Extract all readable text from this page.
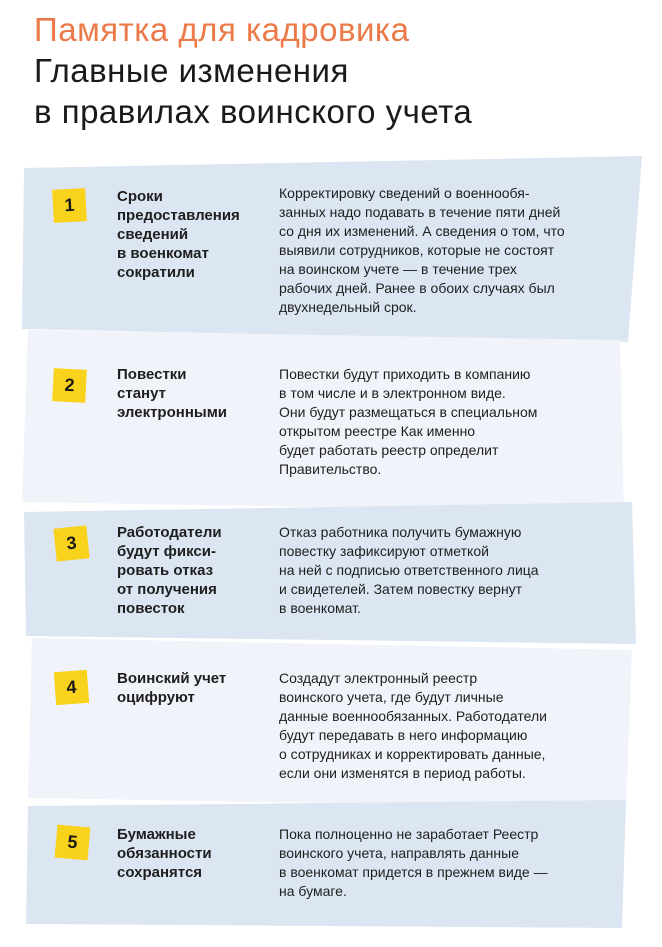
Памятка для кадровика
Главные изменения
в правилах воинского учета
1	Сроки
предоставления
сведений
в военкомат
сократили
Корректировку сведений о военнообя-
занных надо подавать в течение пяти дней
со дня их изменений. А сведения о том, что
выявили сотрудников, которые не состоят
на воинском учете — в течение трех
рабочих дней. Ранее в обоих случаях был
двухнедельный срок.
2
Повестки
станут
электронными
Повестки будут приходить в компанию
в том числе и в электронном виде.
Они будут размещаться в специальном
открытом реестре Как именно
будет работать реестр определит
Правительство.
3
Работодатели
будут фикси-
ровать отказ
от получения
повесток
Отказ работника получить бумажную
повестку зафиксируют отметкой
на ней с подписью ответственного лица
и свидетелей. Затем повестку вернут
в военкомат.
4	Воинский учет
оцифруют
Создадут электронный реестр
воинского учета, где будут личные
данные военнообязанных. Работодатели
будут передавать в него информацию
о сотрудниках и корректировать данные,
если они изменятся в период работы.
5	Бумажные
обязанности
сохранятся
Пока полноценно не заработает Реестр
воинского учета, направлять данные
в военкомат придется в прежнем виде —
на бумаге.
